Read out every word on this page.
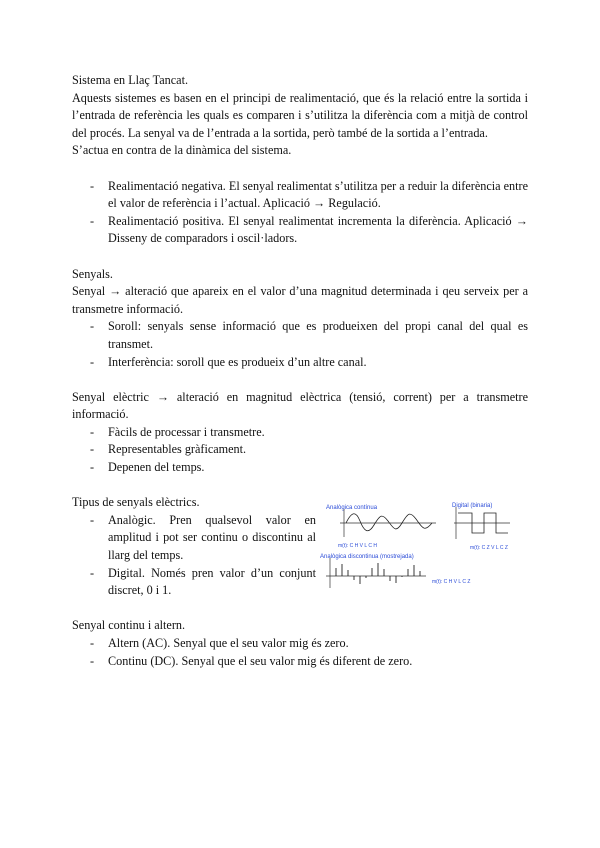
Sistema en Llaç Tancat.

Aquests sistemes es basen en el principi de realimentació, que és la relació entre la sortida i l’entrada de referència les quals es comparen i s’utilitza la diferència com a mitjà de control del procés. La senyal va de l’entrada a la sortida, però també de la sortida a l’entrada.

S’actua en contra de la dinàmica del sistema.

- Realimentació negativa. El senyal realimentat s’utilitza per a reduir la diferència entre el valor de referència i l’actual. Aplicació → Regulació.
- Realimentació positiva. El senyal realimentat incrementa la diferència. Aplicació → Disseny de comparadors i oscil·ladors.

Senyals.

Senyal → alteració que apareix en el valor d’una magnitud determinada i qeu serveix per a transmetre informació.

- Soroll: senyals sense informació que es produeixen del propi canal del qual es transmet.
- Interferència: soroll que es produeix d’un altre canal.

Senyal elèctric → alteració en magnitud elèctrica (tensió, corrent) per a transmetre informació.

- Fàcils de processar i transmetre.
- Representables gràficament.
- Depenen del temps.

Tipus de senyals elèctrics.

- Analògic. Pren qualsevol valor en amplitud i pot ser continu o discontinu al llarg del temps.
- Digital. Només pren valor d’un conjunt discret, 0 i 1.
Analògica contínua
m(t): C H V L C H
Digital (binaria)
m(t): C Z V L C Z
Analògica discontinua (mostrejada)
m(t): C H V L C Z

Senyal continu i altern.

- Altern (AC). Senyal que el seu valor mig és zero.
- Continu (DC). Senyal que el seu valor mig és diferent de zero.
